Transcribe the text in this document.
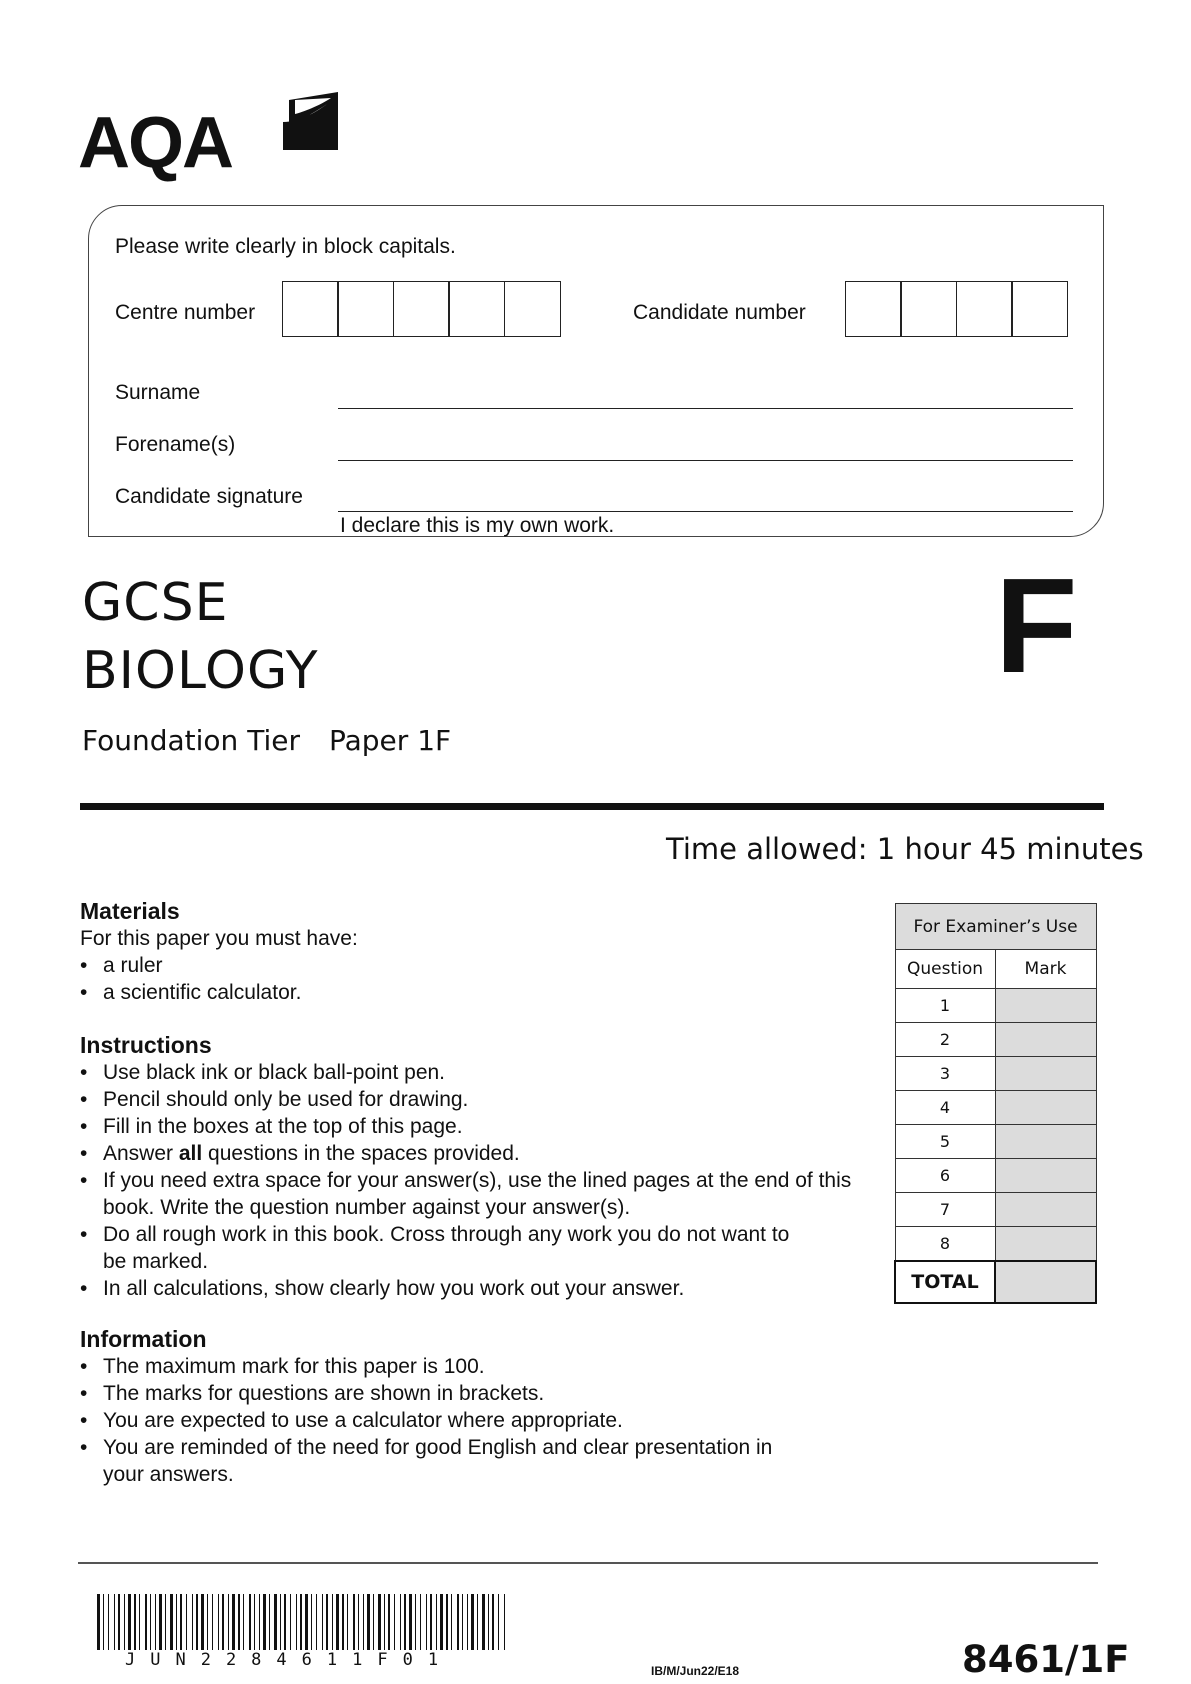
AQA
Please write clearly in block capitals.
Centre number	Candidate number
Surname
Forename(s)
Candidate signature
I declare this is my own work.
GCSE
BIOLOGY
Foundation Tier Paper 1F
F
Time allowed: 1 hour 45 minutes
Materials
For this paper you must have:
• a ruler
• a scientific calculator.
Instructions
• Use black ink or black ball-point pen.
• Pencil should only be used for drawing.
• Fill in the boxes at the top of this page.
• Answer all questions in the spaces provided.
• If you need extra space for your answer(s), use the lined pages at the end of this book. Write the question number against your answer(s).
• Do all rough work in this book. Cross through any work you do not want to be marked.
• In all calculations, show clearly how you work out your answer.
Information
• The maximum mark for this paper is 100.
• The marks for questions are shown in brackets.
• You are expected to use a calculator where appropriate.
• You are reminded of the need for good English and clear presentation in your answers.
For Examiner’s Use	
Question	Mark
1	
2	
3	
4	
5	
6	
7	
8	
TOTAL	
JUN2284611F01
IB/M/Jun22/E18	8461/1F
